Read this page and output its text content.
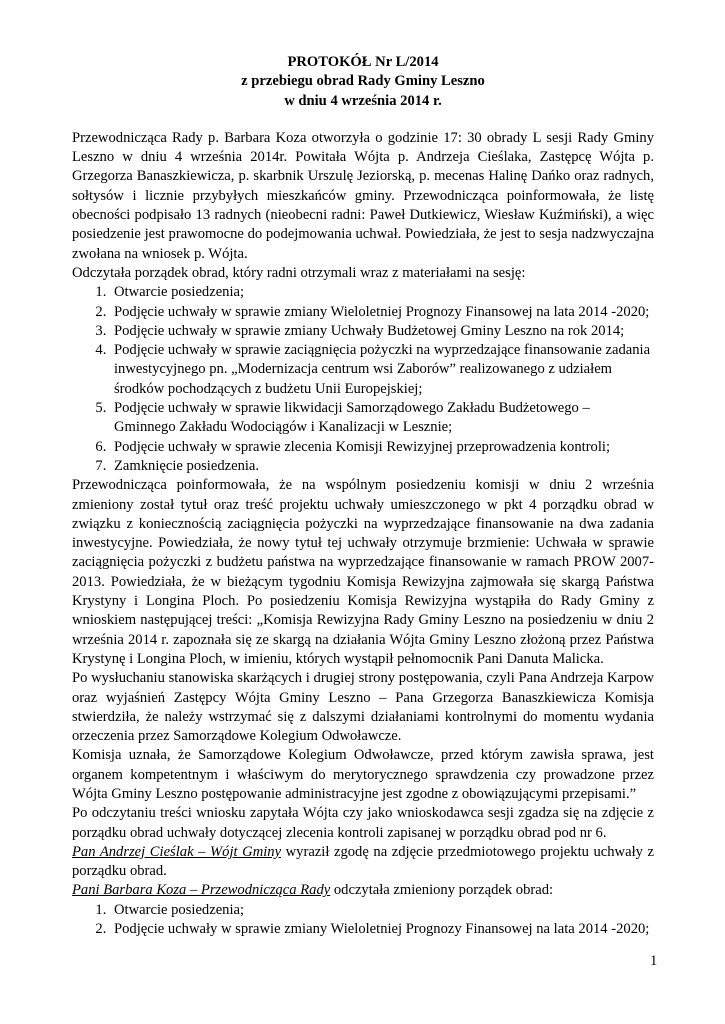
PROTOKÓŁ Nr L/2014

z przebiegu obrad Rady Gminy Leszno

w dniu 4 września 2014 r.

Przewodnicząca Rady p. Barbara Koza otworzyła o godzinie 17: 30 obrady L sesji Rady Gminy Leszno w dniu 4 września 2014r. Powitała Wójta p. Andrzeja Cieślaka, Zastępcę Wójta p. Grzegorza Banaszkiewicza, p. skarbnik Urszulę Jeziorską, p. mecenas Halinę Dańko oraz radnych, sołtysów i licznie przybyłych mieszkańców gminy. Przewodnicząca poinformowała, że listę obecności podpisało 13 radnych (nieobecni radni: Paweł Dutkiewicz, Wiesław Kuźmiński), a więc posiedzenie jest prawomocne do podejmowania uchwał. Powiedziała, że jest to sesja nadzwyczajna zwołana na wniosek p. Wójta.

Odczytała porządek obrad, który radni otrzymali wraz z materiałami na sesję:

1. Otwarcie posiedzenia;
2. Podjęcie uchwały w sprawie zmiany Wieloletniej Prognozy Finansowej na lata 2014 -2020;
3. Podjęcie uchwały w sprawie zmiany Uchwały Budżetowej Gminy Leszno na rok 2014;
4. Podjęcie uchwały w sprawie zaciągnięcia pożyczki na wyprzedzające finansowanie zadania inwestycyjnego pn. „Modernizacja centrum wsi Zaborów” realizowanego z udziałem środków pochodzących z budżetu Unii Europejskiej;
5. Podjęcie uchwały w sprawie likwidacji Samorządowego Zakładu Budżetowego – Gminnego Zakładu Wodociągów i Kanalizacji w Lesznie;
6. Podjęcie uchwały w sprawie zlecenia Komisji Rewizyjnej przeprowadzenia kontroli;
7. Zamknięcie posiedzenia.

Przewodnicząca poinformowała, że na wspólnym posiedzeniu komisji w dniu 2 września zmieniony został tytuł oraz treść projektu uchwały umieszczonego w pkt 4 porządku obrad w związku z koniecznością zaciągnięcia pożyczki na wyprzedzające finansowanie na dwa zadania inwestycyjne. Powiedziała, że nowy tytuł tej uchwały otrzymuje brzmienie: Uchwała w sprawie zaciągnięcia pożyczki z budżetu państwa na wyprzedzające finansowanie w ramach PROW 2007-2013. Powiedziała, że w bieżącym tygodniu Komisja Rewizyjna zajmowała się skargą Państwa Krystyny i Longina Ploch. Po posiedzeniu Komisja Rewizyjna wystąpiła do Rady Gminy z wnioskiem następującej treści: „Komisja Rewizyjna Rady Gminy Leszno na posiedzeniu w dniu 2 września 2014 r. zapoznała się ze skargą na działania Wójta Gminy Leszno złożoną przez Państwa Krystynę i Longina Ploch, w imieniu, których wystąpił pełnomocnik Pani Danuta Malicka.

Po wysłuchaniu stanowiska skarżących i drugiej strony postępowania, czyli Pana Andrzeja Karpow oraz wyjaśnień Zastępcy Wójta Gminy Leszno – Pana Grzegorza Banaszkiewicza Komisja stwierdziła, że należy wstrzymać się z dalszymi działaniami kontrolnymi do momentu wydania orzeczenia przez Samorządowe Kolegium Odwoławcze.

Komisja uznała, że Samorządowe Kolegium Odwoławcze, przed którym zawisła sprawa, jest organem kompetentnym i właściwym do merytorycznego sprawdzenia czy prowadzone przez Wójta Gminy Leszno postępowanie administracyjne jest zgodne z obowiązującymi przepisami.”

Po odczytaniu treści wniosku zapytała Wójta czy jako wnioskodawca sesji zgadza się na zdjęcie z porządku obrad uchwały dotyczącej zlecenia kontroli zapisanej w porządku obrad pod nr 6.

Pan Andrzej Cieślak – Wójt Gminy wyraził zgodę na zdjęcie przedmiotowego projektu uchwały z porządku obrad.

Pani Barbara Koza – Przewodnicząca Rady odczytała zmieniony porządek obrad:

1. Otwarcie posiedzenia;
2. Podjęcie uchwały w sprawie zmiany Wieloletniej Prognozy Finansowej na lata 2014 -2020;
1
